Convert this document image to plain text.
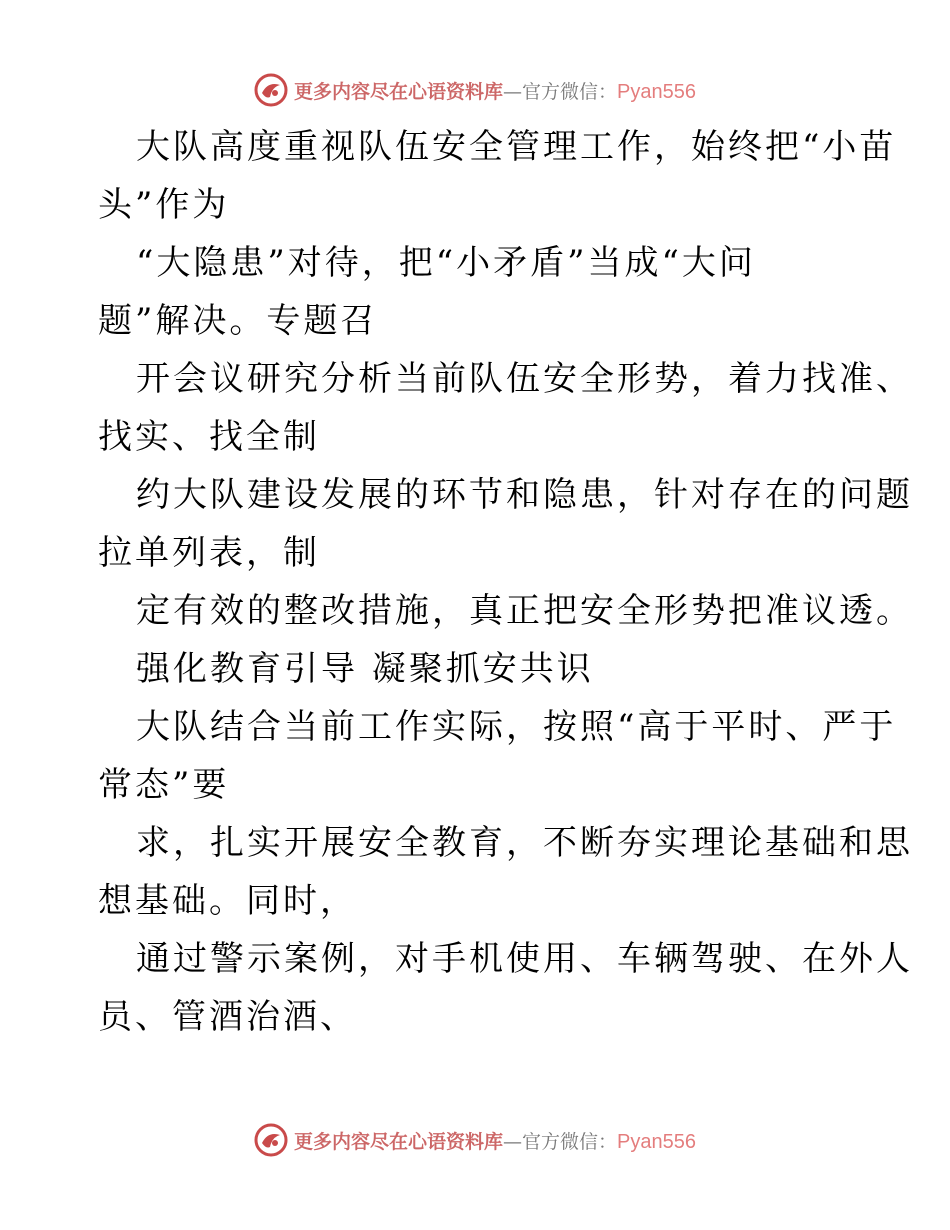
更多内容尽在心语资料库—官方微信：Pyan556

大队高度重视队伍安全管理工作，始终把“小苗

头”作为

“大隐患”对待，把“小矛盾”当成“大问

题”解决。专题召

开会议研究分析当前队伍安全形势，着力找准、

找实、找全制

约大队建设发展的环节和隐患，针对存在的问题

拉单列表，制

定有效的整改措施，真正把安全形势把准议透。

强化教育引导 凝聚抓安共识

大队结合当前工作实际，按照“高于平时、严于

常态”要

求，扎实开展安全教育，不断夯实理论基础和思

想基础。同时，

通过警示案例，对手机使用、车辆驾驶、在外人

员、管酒治酒、

更多内容尽在心语资料库—官方微信：Pyan556
